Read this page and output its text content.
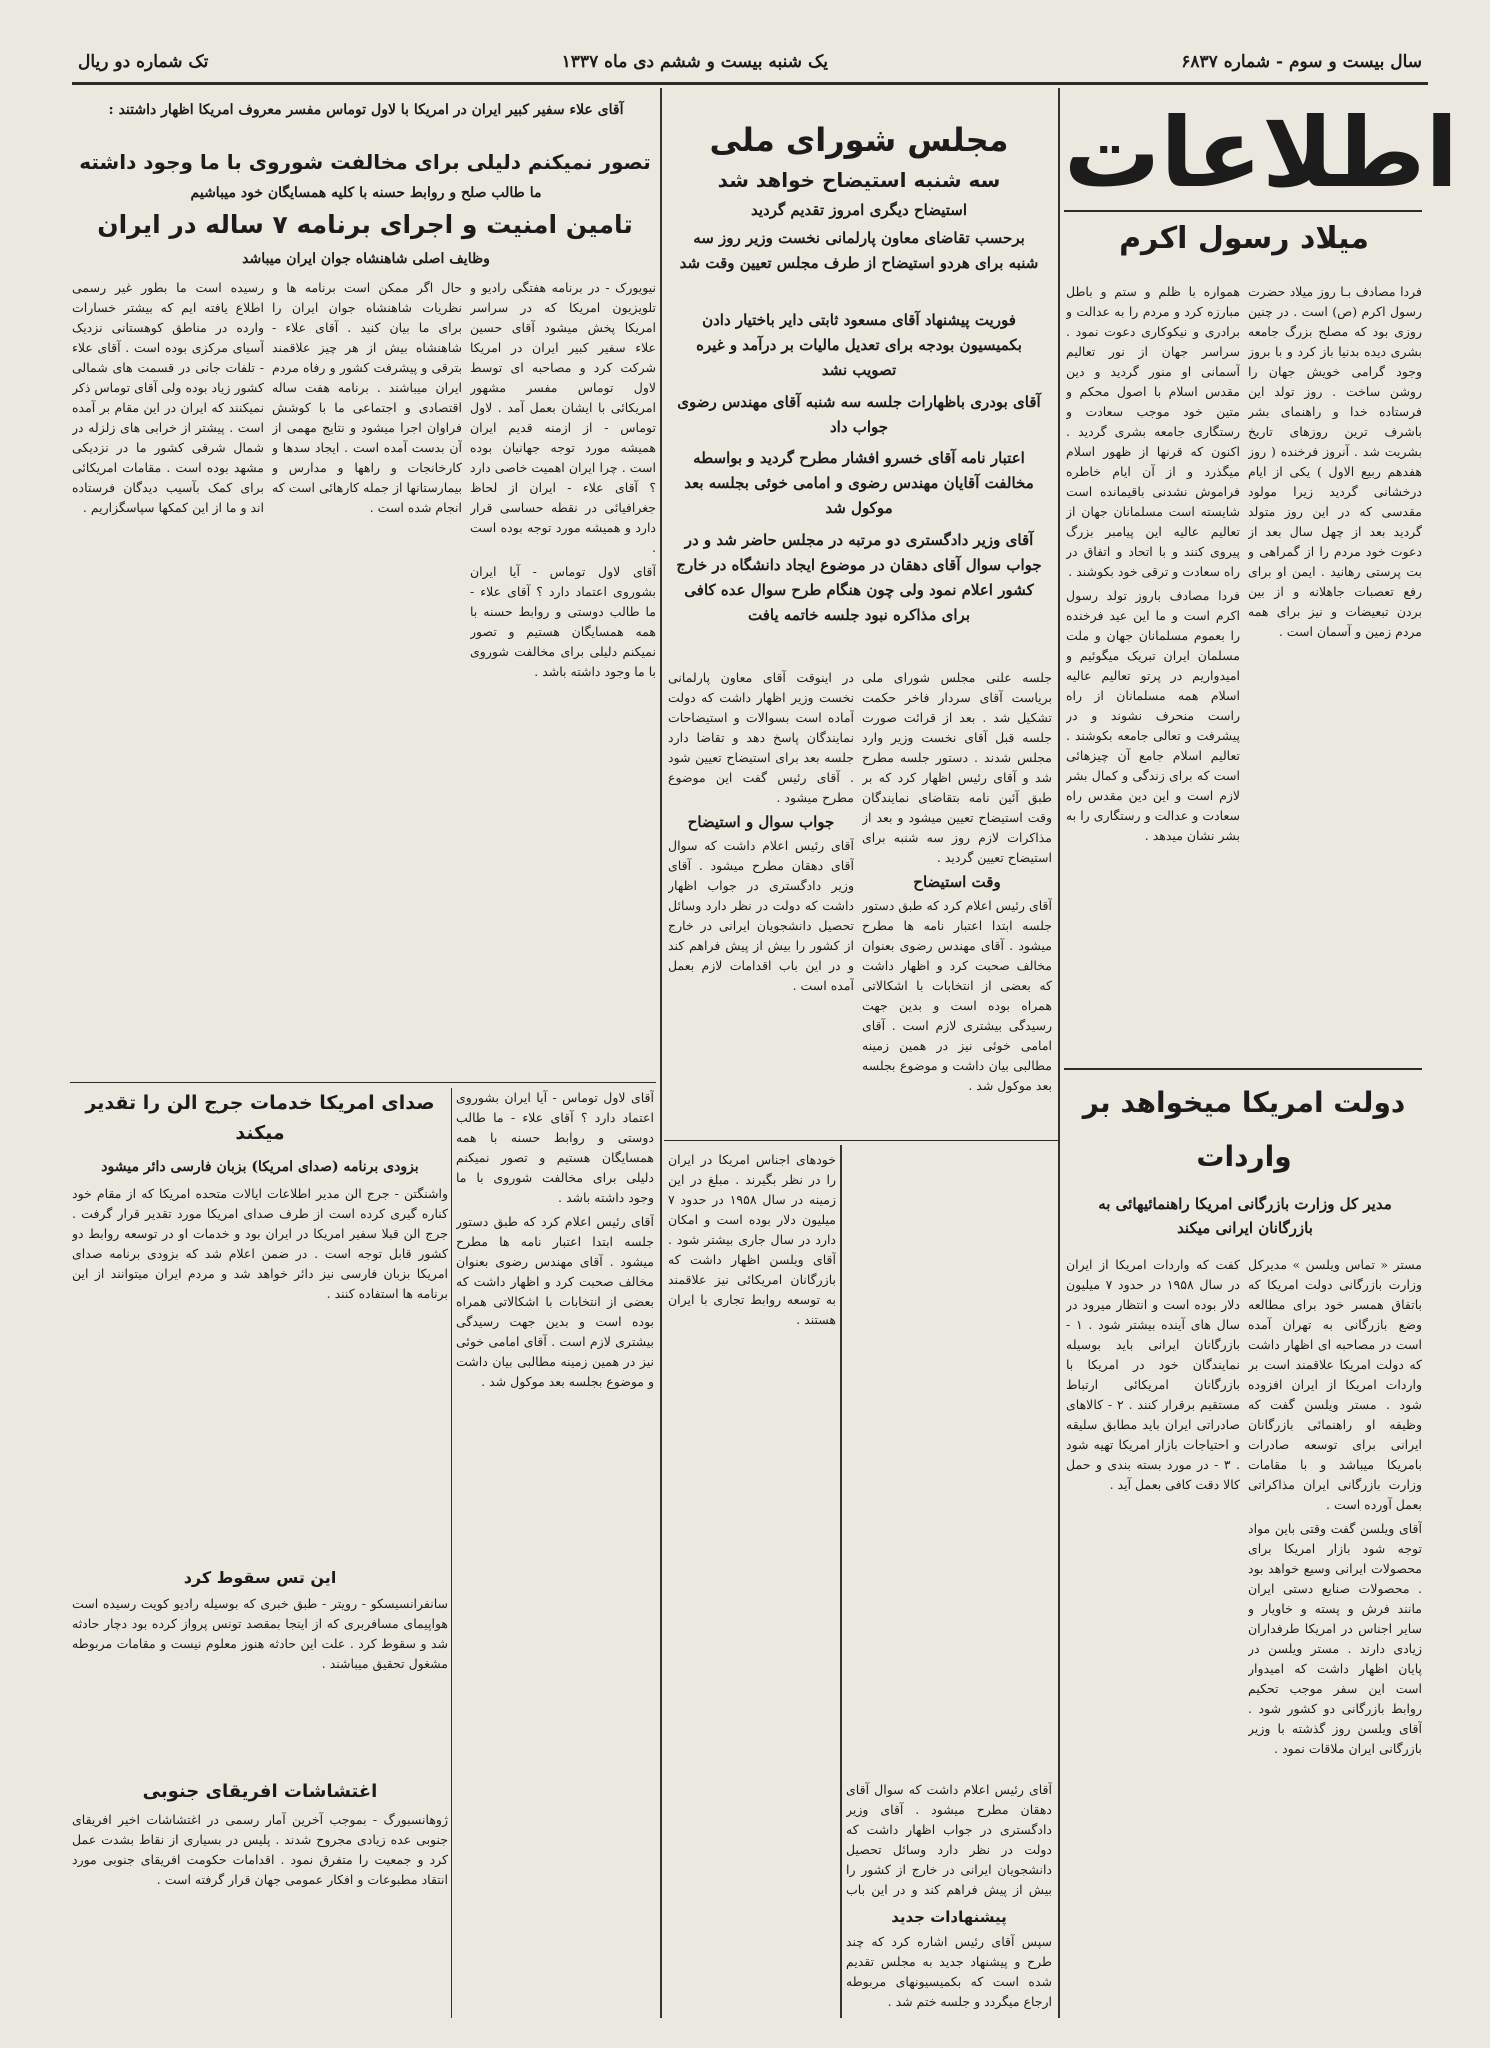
سال بیست و سوم - شماره ۶۸۳۷
یک شنبه بیست و ششم دی ماه ۱۳۳۷
تک شماره دو ریال
اطلاعات
میلاد رسول اکرم

فردا مصادف بـا روز میلاد حضرت رسول اکرم (ص) است . در چنین روزی بود که مصلح بزرگ جامعه بشری دیده بدنیا باز کرد و با بروز وجود گرامی خویش جهان را روشن ساخت . روز تولد این فرستاده خدا و راهنمای بشر باشرف ترین روزهای تاریخ بشریت شد . آنروز فرخنده ( روز هفدهم ربیع الاول ) یکی از ایام درخشانی گردید زیرا مولود مقدسی که در این روز متولد گردید بعد از چهل سال بعد از دعوت خود مردم را از گمراهی و بت پرستی رهانید . ایمن او برای رفع تعصبات جاهلانه و از بین بردن تبعیضات و نیز برای همه مردم زمین و آسمان است .

همواره با ظلم و ستم و باطل مبارزه کرد و مردم را به عدالت و برادری و نیکوکاری دعوت نمود . سراسر جهان از نور تعالیم آسمانی او منور گردید و دین مقدس اسلام با اصول محکم و متین خود موجب سعادت و رستگاری جامعه بشری گردید . اکنون که قرنها از ظهور اسلام میگذرد و از آن ایام خاطره فراموش نشدنی باقیمانده است شایسته است مسلمانان جهان از تعالیم عالیه این پیامبر بزرگ پیروی کنند و با اتحاد و اتفاق در راه سعادت و ترقی خود بکوشند .

فردا مصادف باروز تولد رسول اکرم است و ما این عید فرخنده را بعموم مسلمانان جهان و ملت مسلمان ایران تبریک میگوئیم و امیدواریم در پرتو تعالیم عالیه اسلام همه مسلمانان از راه راست منحرف نشوند و در پیشرفت و تعالی جامعه بکوشند . تعالیم اسلام جامع آن چیزهائی است که برای زندگی و کمال بشر لازم است و این دین مقدس راه سعادت و عدالت و رستگاری را به بشر نشان میدهد .

دولت امریکا میخواهد بر واردات
مدیر کل وزارت بازرگانی امریکا راهنمائیهائی به بازرگانان ایرانی میکند

مستر « تماس ویلسن » مدیرکل وزارت بازرگانی دولت امریکا که باتفاق همسر خود برای مطالعه وضع بازرگانی به تهران آمده است در مصاحبه ای اظهار داشت که دولت امریکا علاقمند است بر واردات امریکا از ایران افزوده شود . مستر ویلسن گفت که وظیفه او راهنمائی بازرگانان ایرانی برای توسعه صادرات بامریکا میباشد و با مقامات وزارت بازرگانی ایران مذاکراتی بعمل آورده است .

آقای ویلسن گفت وقتی باین مواد توجه شود بازار امریکا برای محصولات ایرانی وسیع خواهد بود . محصولات صنایع دستی ایران مانند فرش و پسته و خاویار و سایر اجناس در امریکا طرفداران زیادی دارند . مستر ویلسن در پایان اظهار داشت که امیدوار است این سفر موجب تحکیم روابط بازرگانی دو کشور شود . آقای ویلسن روز گذشته با وزیر بازرگانی ایران ملاقات نمود .

کفت که واردات امریکا از ایران در سال ۱۹۵۸ در حدود ۷ میلیون دلار بوده است و انتظار میرود در سال های آینده بیشتر شود . ۱ - بازرگانان ایرانی باید بوسیله نمایندگان خود در امریکا با بازرگانان امریکائی ارتباط مستقیم برقرار کنند . ۲ - کالاهای صادراتی ایران باید مطابق سلیقه و احتیاجات بازار امریکا تهیه شود . ۳ - در مورد بسته بندی و حمل کالا دقت کافی بعمل آید .

مجلس شورای ملی
سه شنبه استیضاح خواهد شد
استیضاح دیگری امروز تقدیم گردید
برحسب تقاضای معاون پارلمانی نخست وزیر روز سه شنبه برای هردو استیضاح از طرف مجلس تعیین وقت شد
فوریت پیشنهاد آقای مسعود ثابتی دایر باختیار دادن بکمیسیون بودجه برای تعدیل مالیات بر درآمد و غیره تصویب نشد
آقای بودری باظهارات جلسه سه شنبه آقای مهندس رضوی جواب داد
اعتبار نامه آقای خسرو افشار مطرح گردید و بواسطه مخالفت آقایان مهندس رضوی و امامی خوئی بجلسه بعد موکول شد
آقای وزیر دادگستری دو مرتبه در مجلس حاضر شد و در جواب سوال آقای دهقان در موضوع ایجاد دانشگاه در خارج کشور اعلام نمود ولی چون هنگام طرح سوال عده کافی برای مذاکره نبود جلسه خاتمه یافت

جلسه علنی مجلس شورای ملی بریاست آقای سردار فاخر حکمت تشکیل شد . بعد از قرائت صورت جلسه قبل آقای نخست وزیر وارد مجلس شدند . دستور جلسه مطرح شد و آقای رئیس اظهار کرد که بر طبق آئین نامه بتقاضای نمایندگان وقت استیضاح تعیین میشود و بعد از مذاکرات لازم روز سه شنبه برای استیضاح تعیین گردید .

وقت استیضاح

آقای رئیس اعلام کرد که طبق دستور جلسه ابتدا اعتبار نامه ها مطرح میشود . آقای مهندس رضوی بعنوان مخالف صحبت کرد و اظهار داشت که بعضی از انتخابات با اشکالاتی همراه بوده است و بدین جهت رسیدگی بیشتری لازم است . آقای امامی خوئی نیز در همین زمینه مطالبی بیان داشت و موضوع بجلسه بعد موکول شد .

در اینوقت آقای معاون پارلمانی نخست وزیر اظهار داشت که دولت آماده است بسوالات و استیضاحات نمایندگان پاسخ دهد و تقاضا دارد جلسه بعد برای استیضاح تعیین شود . آقای رئیس گفت این موضوع مطرح میشود .

جواب سوال و استیضاح

آقای رئیس اعلام داشت که سوال آقای دهقان مطرح میشود . آقای وزیر دادگستری در جواب اظهار داشت که دولت در نظر دارد وسائل تحصیل دانشجویان ایرانی در خارج از کشور را بیش از پیش فراهم کند و در این باب اقدامات لازم بعمل آمده است .

خودهای اجناس امریکا در ایران را در نظر بگیرند . مبلغ در این زمینه در سال ۱۹۵۸ در حدود ۷ میلیون دلار بوده است و امکان دارد در سال جاری بیشتر شود . آقای ویلسن اظهار داشت که بازرگانان امریکائی نیز علاقمند به توسعه روابط تجاری با ایران هستند .

آقای رئیس اعلام داشت که سوال آقای دهقان مطرح میشود . آقای وزیر دادگستری در جواب اظهار داشت که دولت در نظر دارد وسائل تحصیل دانشجویان ایرانی در خارج از کشور را بیش از پیش فراهم کند و در این باب

پیشنهادات جدید

سپس آقای رئیس اشاره کرد که چند طرح و پیشنهاد جدید به مجلس تقدیم شده است که بکمیسیونهای مربوطه ارجاع میگردد و جلسه ختم شد .

آقای علاء سفیر کبیر ایران در امریکا با لاول توماس مفسر معروف امریکا اظهار داشتند :
تصور نمیکنم دلیلی برای مخالفت شوروی با ما وجود داشته
ما طالب صلح و روابط حسنه با کلیه همسایگان خود میباشیم
تامین امنیت و اجرای برنامه ۷ ساله در ایران
وظایف اصلی شاهنشاه جوان ایران میباشد

نیویورک - در برنامه هفتگی رادیو و تلویزیون امریکا که در سراسر امریکا پخش میشود آقای حسین علاء سفیر کبیر ایران در امریکا شرکت کرد و مصاحبه ای توسط لاول توماس مفسر مشهور امریکائی با ایشان بعمل آمد . لاول توماس - از ازمنه قدیم ایران همیشه مورد توجه جهانیان بوده است . چرا ایران اهمیت خاصی دارد ؟ آقای علاء - ایران از لحاظ جغرافیائی در نقطه حساسی قرار دارد و همیشه مورد توجه بوده است .

آقای لاول توماس - آیا ایران بشوروی اعتماد دارد ؟ آقای علاء - ما طالب دوستی و روابط حسنه با همه همسایگان هستیم و تصور نمیکنم دلیلی برای مخالفت شوروی با ما وجود داشته باشد .

حال اگر ممکن است برنامه ها و نظریات شاهنشاه جوان ایران را برای ما بیان کنید . آقای علاء - شاهنشاه بیش از هر چیز علاقمند بترقی و پیشرفت کشور و رفاه مردم ایران میباشند . برنامه هفت ساله اقتصادی و اجتماعی ما با کوشش فراوان اجرا میشود و نتایج مهمی از آن بدست آمده است . ایجاد سدها و کارخانجات و راهها و مدارس و بیمارستانها از جمله کارهائی است که انجام شده است .

رسیده است ما بطور غیر رسمی اطلاع یافته ایم که بیشتر خسارات وارده در مناطق کوهستانی نزدیک آسیای مرکزی بوده است . آقای علاء - تلفات جانی در قسمت های شمالی کشور زیاد بوده ولی آقای توماس ذکر نمیکنند که ایران در این مقام بر آمده است . پیشتر از خرابی های زلزله در شمال شرقی کشور ما در نزدیکی مشهد بوده است . مقامات امریکائی برای کمک بآسیب دیدگان فرستاده اند و ما از این کمکها سپاسگزاریم .

صدای امریکا خدمات جرج الن را تقدیر میکند
بزودی برنامه (صدای امریکا) بزبان فارسی دائر میشود

واشنگتن - جرج الن مدیر اطلاعات ایالات متحده امریکا که از مقام خود کناره گیری کرده است از طرف صدای امریکا مورد تقدیر قرار گرفت . جرج الن قبلا سفیر امریکا در ایران بود و خدمات او در توسعه روابط دو کشور قابل توجه است . در ضمن اعلام شد که بزودی برنامه صدای امریکا بزبان فارسی نیز دائر خواهد شد و مردم ایران میتوانند از این برنامه ها استفاده کنند .

این تس سقوط کرد

سانفرانسیسکو - رویتر - طبق خبری که بوسیله رادیو کویت رسیده است هواپیمای مسافربری که از اینجا بمقصد تونس پرواز کرده بود دچار حادثه شد و سقوط کرد . علت این حادثه هنوز معلوم نیست و مقامات مربوطه مشغول تحقیق میباشند .

اغتشاشات افریقای جنوبی

ژوهانسبورگ - بموجب آخرین آمار رسمی در اغتشاشات اخیر افریقای جنوبی عده زیادی مجروح شدند . پلیس در بسیاری از نقاط بشدت عمل کرد و جمعیت را متفرق نمود . اقدامات حکومت افریقای جنوبی مورد انتقاد مطبوعات و افکار عمومی جهان قرار گرفته است .

آقای لاول توماس - آیا ایران بشوروی اعتماد دارد ؟ آقای علاء - ما طالب دوستی و روابط حسنه با همه همسایگان هستیم و تصور نمیکنم دلیلی برای مخالفت شوروی با ما وجود داشته باشد .

آقای رئیس اعلام کرد که طبق دستور جلسه ابتدا اعتبار نامه ها مطرح میشود . آقای مهندس رضوی بعنوان مخالف صحبت کرد و اظهار داشت که بعضی از انتخابات با اشکالاتی همراه بوده است و بدین جهت رسیدگی بیشتری لازم است . آقای امامی خوئی نیز در همین زمینه مطالبی بیان داشت و موضوع بجلسه بعد موکول شد .
